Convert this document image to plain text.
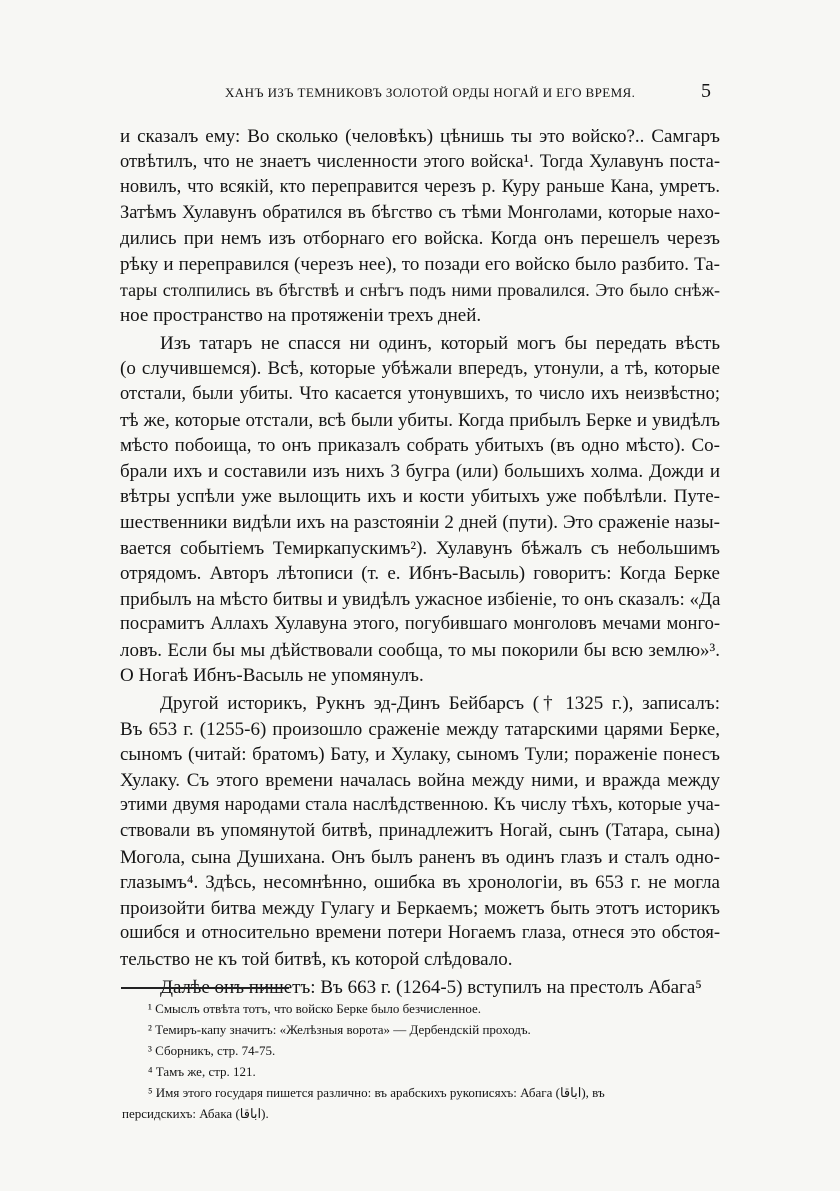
ХАНЪ ИЗЪ ТЕМНИКОВЪ ЗОЛОТОЙ ОРДЫ НОГАЙ И ЕГО ВРЕМЯ.	5
и сказалъ ему: Во сколько (человѣкъ) цѣнишь ты это войско?.. Самгаръ
отвѣтилъ, что не знаетъ численности этого войска¹. Тогда Хулавунъ поста-
новилъ, что всякій, кто переправится черезъ р. Куру раньше Кана, умретъ.
Затѣмъ Хулавунъ обратился въ бѣгство съ тѣми Монголами, которые нахо-
дились при немъ изъ отборнаго его войска. Когда онъ перешелъ черезъ
рѣку и переправился (черезъ нее), то позади его войско было разбито. Та-
тары столпились въ бѣгствѣ и снѣгъ подъ ними провалился. Это было снѣж-
ное пространство на протяженіи трехъ дней.
Изъ татаръ не спасся ни одинъ, который могъ бы передать вѣсть
(о случившемся). Всѣ, которые убѣжали впередъ, утонули, а тѣ, которые
отстали, были убиты. Что касается утонувшихъ, то число ихъ неизвѣстно;
тѣ же, которые отстали, всѣ были убиты. Когда прибылъ Берке и увидѣлъ
мѣсто побоища, то онъ приказалъ собрать убитыхъ (въ одно мѣсто). Со-
брали ихъ и составили изъ нихъ 3 бугра (или) большихъ холма. Дожди и
вѣтры успѣли уже вылощить ихъ и кости убитыхъ уже побѣлѣли. Путе-
шественники видѣли ихъ на разстояніи 2 дней (пути). Это сраженіе назы-
вается событіемъ Темиркапускимъ²). Хулавунъ бѣжалъ съ небольшимъ
отрядомъ. Авторъ лѣтописи (т. е. Ибнъ-Васыль) говоритъ: Когда Берке
прибылъ на мѣсто битвы и увидѣлъ ужасное избіеніе, то онъ сказалъ: «Да
посрамитъ Аллахъ Хулавуна этого, погубившаго монголовъ мечами монго-
ловъ. Если бы мы дѣйствовали сообща, то мы покорили бы всю землю»³.
О Ногаѣ Ибнъ-Васыль не упомянулъ.
Другой историкъ, Рукнъ эд-Динъ Бейбарсъ († 1325 г.), записалъ:
Въ 653 г. (1255-6) произошло сраженіе между татарскими царями Берке,
сыномъ (читай: братомъ) Бату, и Хулаку, сыномъ Тули; пораженіе понесъ
Хулаку. Съ этого времени началась война между ними, и вражда между
этими двумя народами стала наслѣдственною. Къ числу тѣхъ, которые уча-
ствовали въ упомянутой битвѣ, принадлежитъ Ногай, сынъ (Татара, сына)
Могола, сына Душихана. Онъ былъ раненъ въ одинъ глазъ и сталъ одно-
глазымъ⁴. Здѣсь, несомнѣнно, ошибка въ хронологіи, въ 653 г. не могла
произойти битва между Гулагу и Беркаемъ; можетъ быть этотъ историкъ
ошибся и относительно времени потери Ногаемъ глаза, отнеся это обстоя-
тельство не къ той битвѣ, къ которой слѣдовало.
Далѣе онъ пишетъ: Въ 663 г. (1264-5) вступилъ на престолъ Абага⁵
¹ Смыслъ отвѣта тотъ, что войско Берке было безчисленное.
² Темиръ-капу значитъ: «Желѣзныя ворота» — Дербендскій проходъ.
³ Сборникъ, стр. 74-75.
⁴ Тамъ же, стр. 121.
⁵ Имя этого государя пишется различно: въ арабскихъ рукописяхъ: Абага (اباقا), въ
персидскихъ: Абака (اباقا).
